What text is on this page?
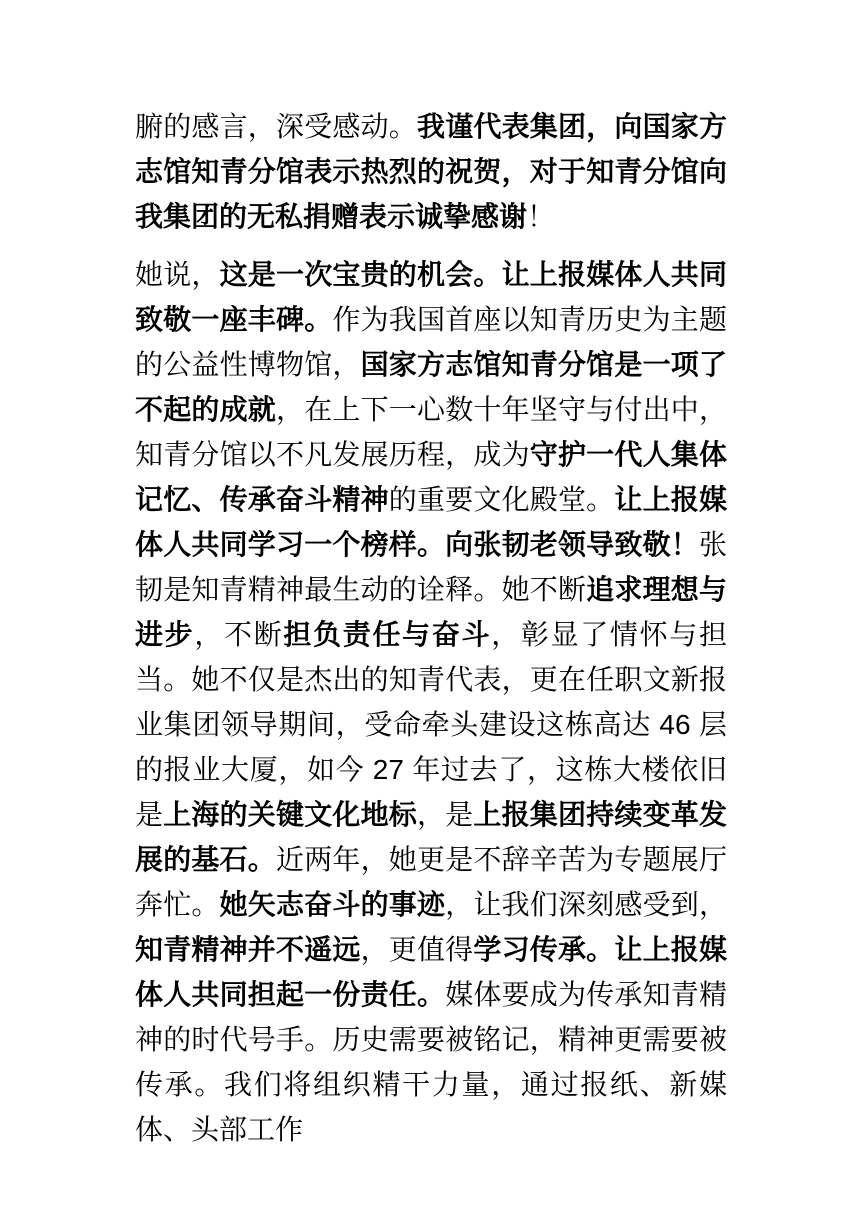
腑的感言，深受感动。我谨代表集团，向国家方志馆知青分馆表示热烈的祝贺，对于知青分馆向我集团的无私捐赠表示诚挚感谢！

她说，这是一次宝贵的机会。让上报媒体人共同致敬一座丰碑。作为我国首座以知青历史为主题的公益性博物馆，国家方志馆知青分馆是一项了不起的成就，在上下一心数十年坚守与付出中，知青分馆以不凡发展历程，成为守护一代人集体记忆、传承奋斗精神的重要文化殿堂。让上报媒体人共同学习一个榜样。向张韧老领导致敬！张韧是知青精神最生动的诠释。她不断追求理想与进步，不断担负责任与奋斗，彰显了情怀与担当。她不仅是杰出的知青代表，更在任职文新报业集团领导期间，受命牵头建设这栋高达 46 层的报业大厦，如今 27 年过去了，这栋大楼依旧是上海的关键文化地标，是上报集团持续变革发展的基石。近两年，她更是不辞辛苦为专题展厅奔忙。她矢志奋斗的事迹，让我们深刻感受到，知青精神并不遥远，更值得学习传承。让上报媒体人共同担起一份责任。媒体要成为传承知青精神的时代号手。历史需要被铭记，精神更需要被传承。我们将组织精干力量，通过报纸、新媒体、头部工作
